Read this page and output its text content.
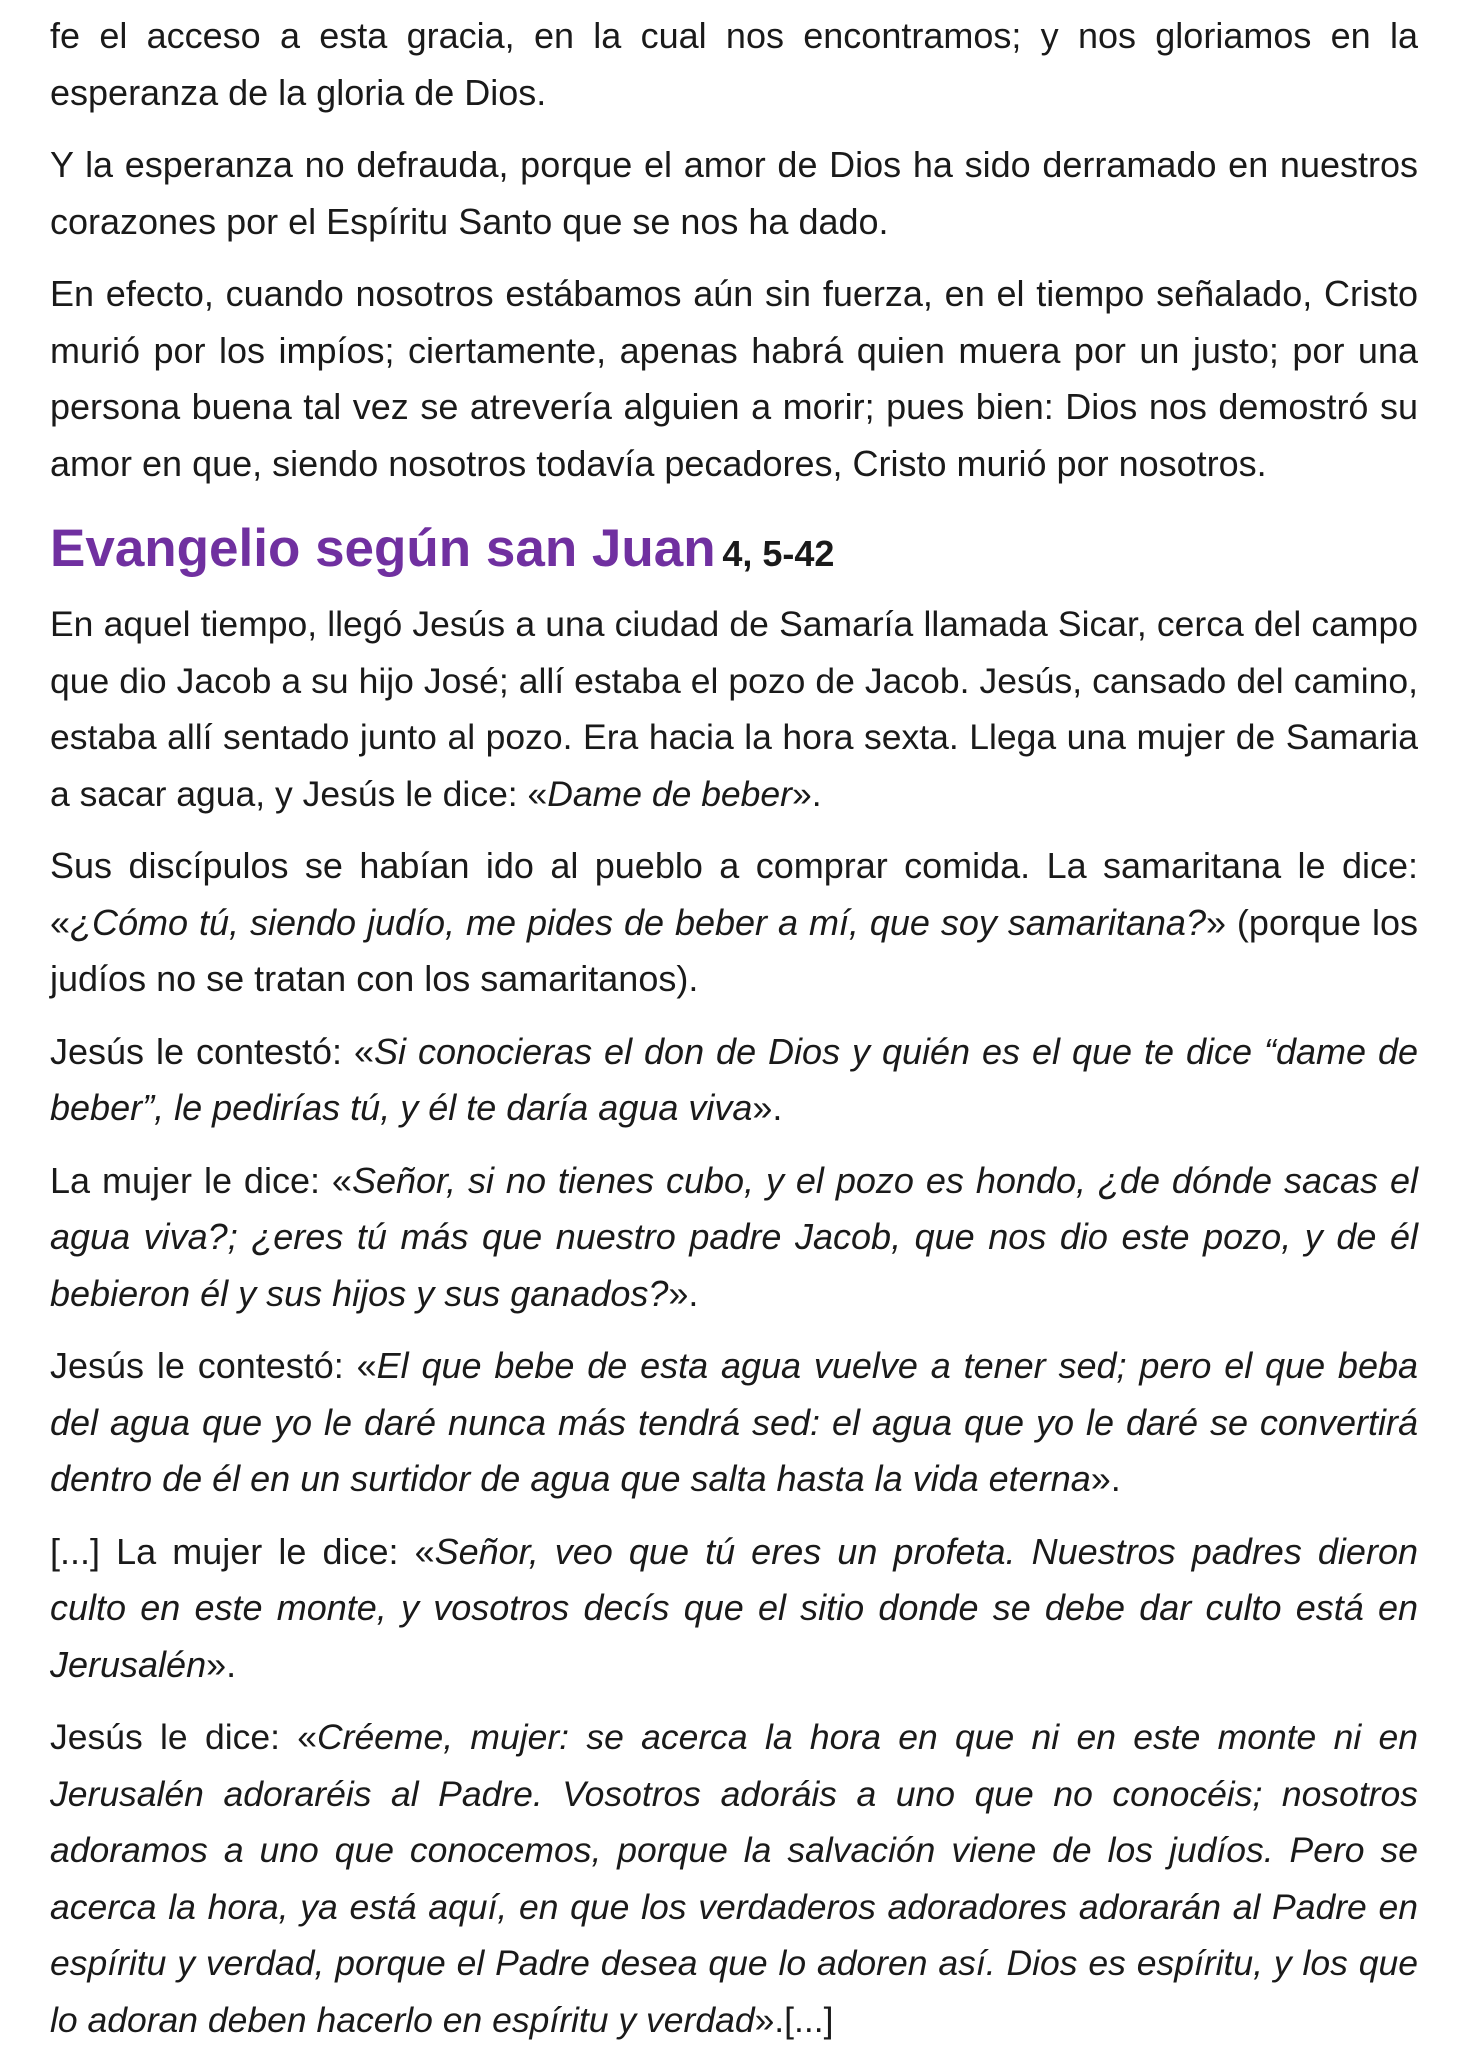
fe el acceso a esta gracia, en la cual nos encontramos; y nos gloriamos en la esperanza de la gloria de Dios.

Y la esperanza no defrauda, porque el amor de Dios ha sido derramado en nuestros corazones por el Espíritu Santo que se nos ha dado.

En efecto, cuando nosotros estábamos aún sin fuerza, en el tiempo señalado, Cristo murió por los impíos; ciertamente, apenas habrá quien muera por un justo; por una persona buena tal vez se atrevería alguien a morir; pues bien: Dios nos demostró su amor en que, siendo nosotros todavía pecadores, Cristo murió por nosotros.

Evangelio según san Juan 4, 5-42

En aquel tiempo, llegó Jesús a una ciudad de Samaría llamada Sicar, cerca del campo que dio Jacob a su hijo José; allí estaba el pozo de Jacob. Jesús, cansado del camino, estaba allí sentado junto al pozo. Era hacia la hora sexta. Llega una mujer de Samaria a sacar agua, y Jesús le dice: «Dame de beber».

Sus discípulos se habían ido al pueblo a comprar comida. La samaritana le dice: «¿Cómo tú, siendo judío, me pides de beber a mí, que soy samaritana?» (porque los judíos no se tratan con los samaritanos).

Jesús le contestó: «Si conocieras el don de Dios y quién es el que te dice “dame de beber”, le pedirías tú, y él te daría agua viva».

La mujer le dice: «Señor, si no tienes cubo, y el pozo es hondo, ¿de dónde sacas el agua viva?; ¿eres tú más que nuestro padre Jacob, que nos dio este pozo, y de él bebieron él y sus hijos y sus ganados?».

Jesús le contestó: «El que bebe de esta agua vuelve a tener sed; pero el que beba del agua que yo le daré nunca más tendrá sed: el agua que yo le daré se convertirá dentro de él en un surtidor de agua que salta hasta la vida eterna».

[...] La mujer le dice: «Señor, veo que tú eres un profeta. Nuestros padres dieron culto en este monte, y vosotros decís que el sitio donde se debe dar culto está en Jerusalén».

Jesús le dice: «Créeme, mujer: se acerca la hora en que ni en este monte ni en Jerusalén adoraréis al Padre. Vosotros adoráis a uno que no conocéis; nosotros adoramos a uno que conocemos, porque la salvación viene de los judíos. Pero se acerca la hora, ya está aquí, en que los verdaderos adoradores adorarán al Padre en espíritu y verdad, porque el Padre desea que lo adoren así. Dios es espíritu, y los que lo adoran deben hacerlo en espíritu y verdad».[...]
